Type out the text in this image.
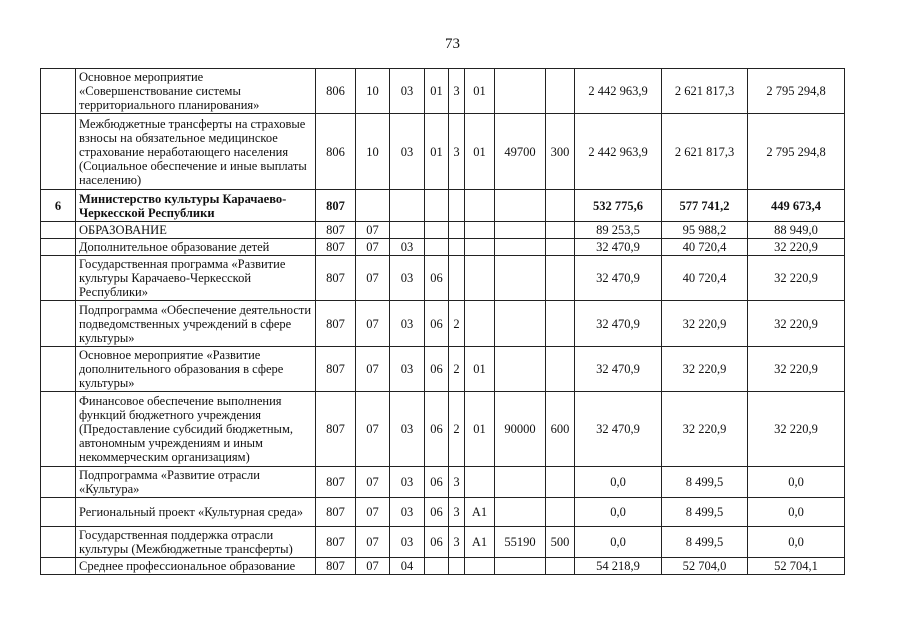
73
	Основное мероприятие «Совершенствование системы территориального планирования»	806	10	03	01	3	01			2 442 963,9	2 621 817,3	2 795 294,8
	Межбюджетные трансферты на страховые взносы на обязательное медицинское страхование неработающего населения (Социальное обеспечение и иные выплаты населению)	806	10	03	01	3	01	49700	300	2 442 963,9	2 621 817,3	2 795 294,8
6	Министерство культуры Карачаево-Черкесской Республики	807								532 775,6	577 741,2	449 673,4
	ОБРАЗОВАНИЕ	807	07							89 253,5	95 988,2	88 949,0
	Дополнительное образование детей	807	07	03						32 470,9	40 720,4	32 220,9
	Государственная программа «Развитие культуры Карачаево-Черкесской Республики»	807	07	03	06					32 470,9	40 720,4	32 220,9
	Подпрограмма «Обеспечение деятельности подведомственных учреждений в сфере культуры»	807	07	03	06	2				32 470,9	32 220,9	32 220,9
	Основное мероприятие «Развитие дополнительного образования в сфере культуры»	807	07	03	06	2	01			32 470,9	32 220,9	32 220,9
	Финансовое обеспечение выполнения функций бюджетного учреждения (Предоставление субсидий бюджетным, автономным учреждениям и иным некоммерческим организациям)	807	07	03	06	2	01	90000	600	32 470,9	32 220,9	32 220,9
	Подпрограмма «Развитие отрасли «Культура»	807	07	03	06	3				0,0	8 499,5	0,0
	Региональный проект «Культурная среда»	807	07	03	06	3	A1			0,0	8 499,5	0,0
	Государственная поддержка отрасли культуры (Межбюджетные трансферты)	807	07	03	06	3	A1	55190	500	0,0	8 499,5	0,0
	Среднее профессиональное образование	807	07	04						54 218,9	52 704,0	52 704,1
